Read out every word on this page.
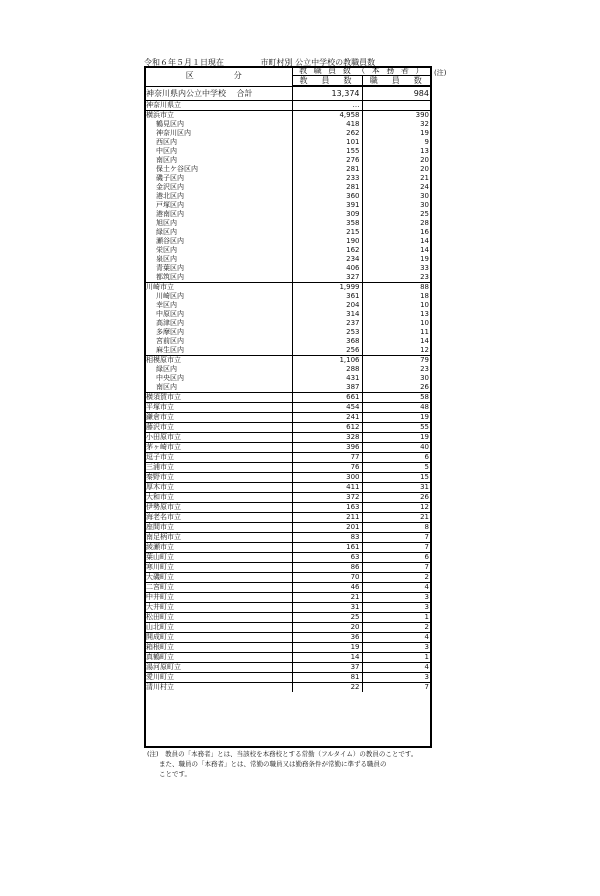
令和６年５月１日現在	市町村別 公立中学校の教職員数
(注)
区　　分	教 職 員 数 （ 本 務 者 ）	
	教　員　数	職　員　数
神奈川県内公立中学校　 合計	13,374	984
神奈川県立	…	
横浜市立	4,958	390
鶴見区内	418	32
神奈川区内	262	19
西区内	101	9
中区内	155	13
南区内	276	20
保土ケ谷区内	281	20
磯子区内	233	21
金沢区内	281	24
港北区内	360	30
戸塚区内	391	30
港南区内	309	25
旭区内	358	28
緑区内	215	16
瀬谷区内	190	14
栄区内	162	14
泉区内	234	19
青葉区内	406	33
都筑区内	327	23
川崎市立	1,999	88
川崎区内	361	18
幸区内	204	10
中原区内	314	13
高津区内	237	10
多摩区内	253	11
宮前区内	368	14
麻生区内	256	12
相模原市立	1,106	79
緑区内	288	23
中央区内	431	30
南区内	387	26
横須賀市立	661	58
平塚市立	454	48
鎌倉市立	241	19
藤沢市立	612	55
小田原市立	328	19
茅ヶ崎市立	396	40
逗子市立	77	6
三浦市立	76	5
秦野市立	300	15
厚木市立	411	31
大和市立	372	26
伊勢原市立	163	12
海老名市立	211	21
座間市立	201	8
南足柄市立	83	7
綾瀬市立	161	7
葉山町立	63	6
寒川町立	86	7
大磯町立	70	2
二宮町立	46	4
中井町立	21	3
大井町立	31	3
松田町立	25	1
山北町立	20	2
開成町立	36	4
箱根町立	19	3
真鶴町立	14	1
湯河原町立	37	4
愛川町立	81	3
清川村立	22	7
(注)　教員の「本務者」とは、当該校を本務校とする常勤（フルタイム）の教員のことです。
また、職員の「本務者」とは、常勤の職員又は勤務条件が常勤に準ずる職員の
ことです。
